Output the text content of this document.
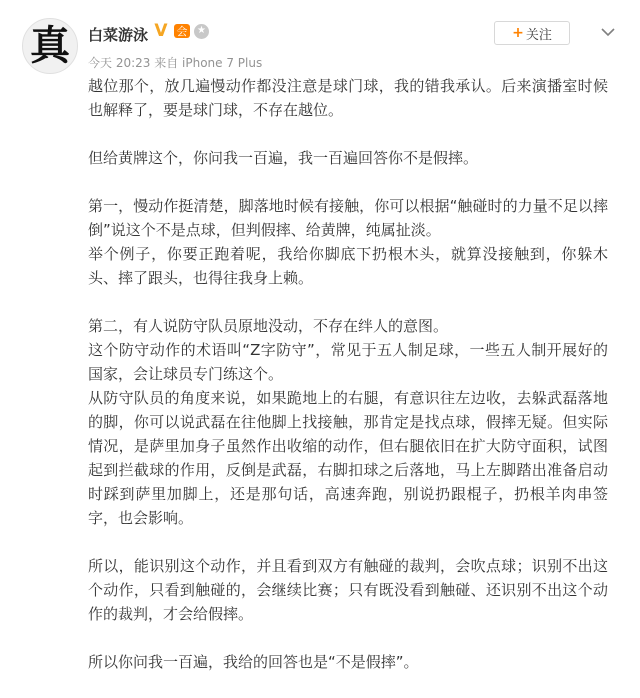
真 白菜游泳 V 会 ★
今天 20:23 来自 iPhone 7 Plus
+ 关注

越位那个，放几遍慢动作都没注意是球门球，我的错我承认。后来演播室时候也解释了，要是球门球，不存在越位。

但给黄牌这个，你问我一百遍，我一百遍回答你不是假摔。

第一，慢动作挺清楚，脚落地时候有接触，你可以根据“触碰时的力量不足以摔倒”说这个不是点球，但判假摔、给黄牌，纯属扯淡。

举个例子，你要正跑着呢，我给你脚底下扔根木头，就算没接触到，你躲木头、摔了跟头，也得往我身上赖。

第二，有人说防守队员原地没动，不存在绊人的意图。

这个防守动作的术语叫“Z字防守”，常见于五人制足球，一些五人制开展好的国家，会让球员专门练这个。

从防守队员的角度来说，如果跪地上的右腿，有意识往左边收，去躲武磊落地的脚，你可以说武磊在往他脚上找接触，那肯定是找点球，假摔无疑。但实际情况，是萨里加身子虽然作出收缩的动作，但右腿依旧在扩大防守面积，试图起到拦截球的作用，反倒是武磊，右脚扣球之后落地，马上左脚踏出准备启动时踩到萨里加脚上，还是那句话，高速奔跑，别说扔跟棍子，扔根羊肉串签字，也会影响。

所以，能识别这个动作，并且看到双方有触碰的裁判，会吹点球；识别不出这个动作，只看到触碰的，会继续比赛；只有既没看到触碰、还识别不出这个动作的裁判，才会给假摔。

所以你问我一百遍，我给的回答也是“不是假摔”。
